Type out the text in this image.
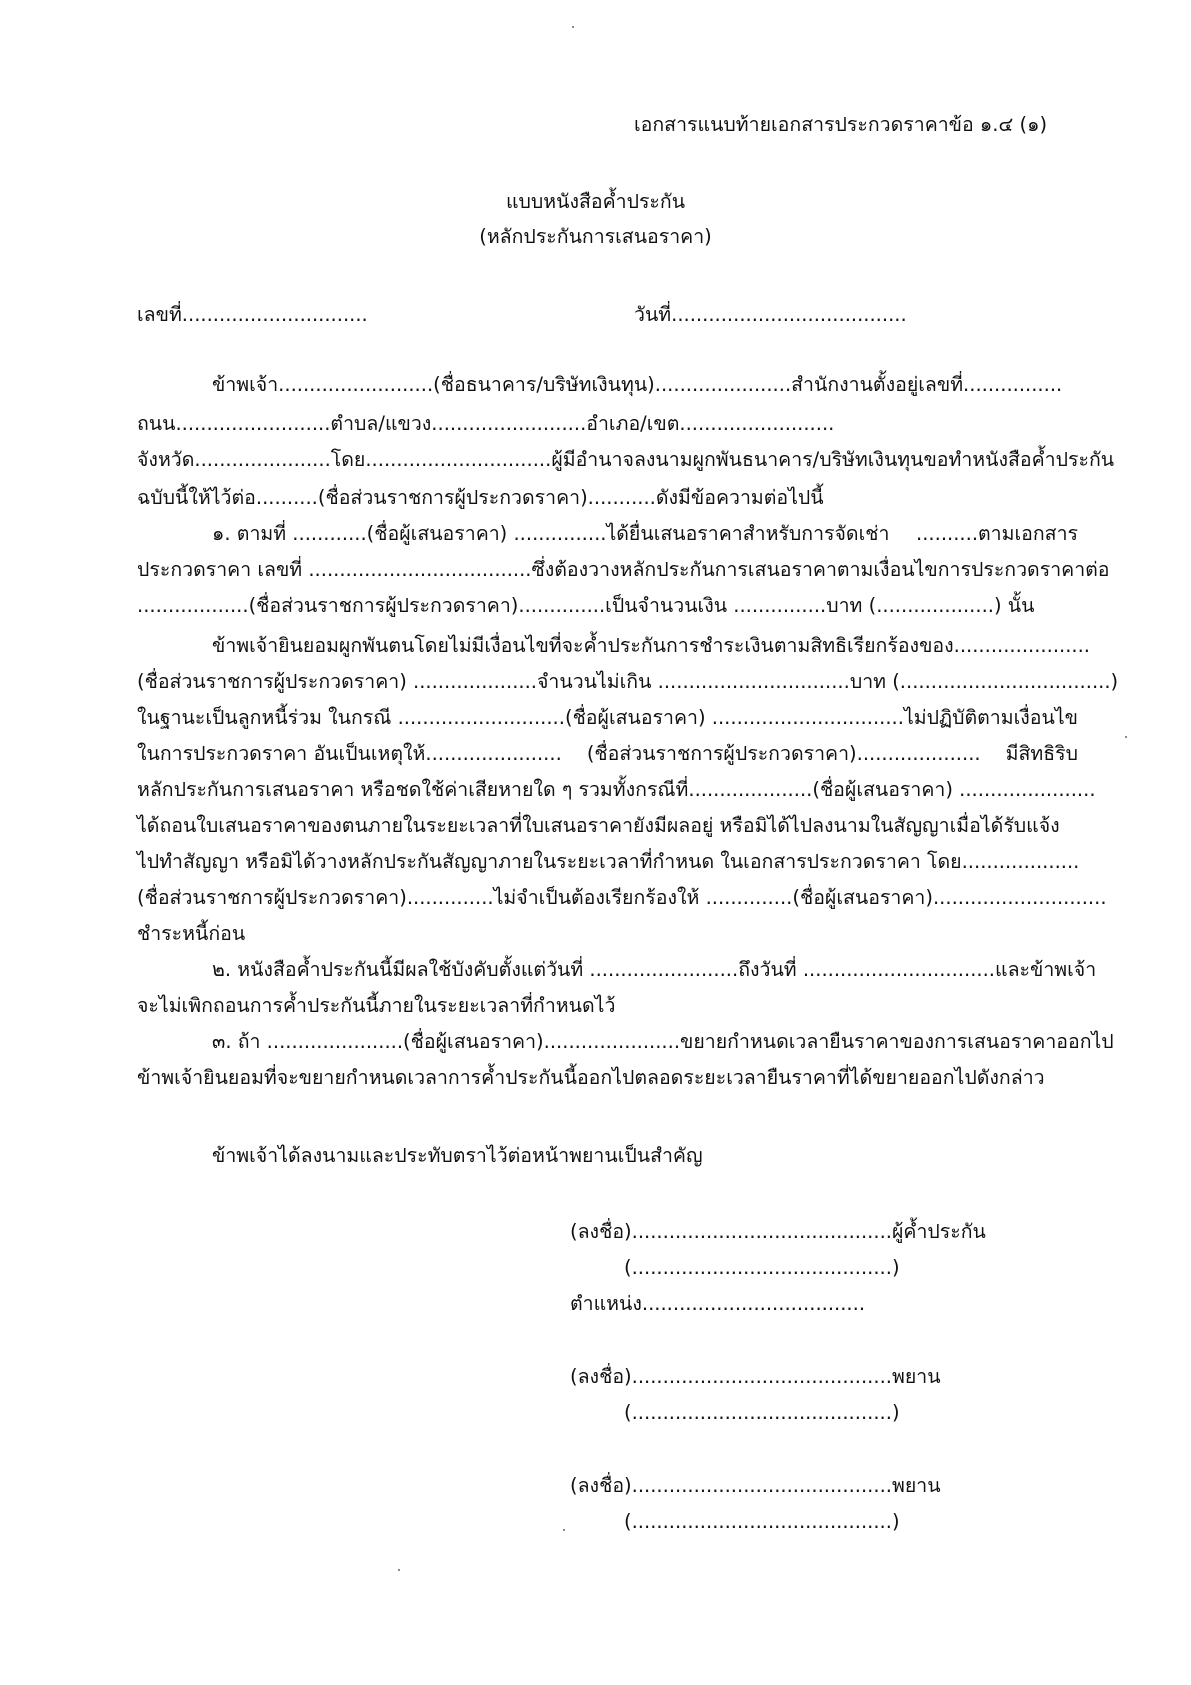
เอกสารแนบท้ายเอกสารประกวดราคาข้อ ๑.๔ (๑)
แบบหนังสือค้ำประกัน
(หลักประกันการเสนอราคา)
เลขที่..............................	วันที่......................................
ข้าพเจ้า.........................(ชื่อธนาคาร/บริษัทเงินทุน)......................สำนักงานตั้งอยู่เลขที่................
ถนน.........................ตำบล/แขวง.........................อำเภอ/เขต.........................
จังหวัด...................... โดย.............................. ผู้มีอำนาจลงนามผูกพันธนาคาร/บริษัทเงินทุนขอทำหนังสือค้ำประกัน
ฉบับนี้ให้ไว้ต่อ..........(ชื่อส่วนราชการผู้ประกวดราคา)...........ดังมีข้อความต่อไปนี้
๑. ตามที่ ............(ชื่อผู้เสนอราคา) ...............ได้ยื่นเสนอราคาสำหรับการจัดเช่า ..........ตามเอกสาร
ประกวดราคา เลขที่ .................................... ซึ่งต้องวางหลักประกันการเสนอราคาตามเงื่อนไขการประกวดราคาต่อ
..................(ชื่อส่วนราชการผู้ประกวดราคา)..............เป็นจำนวนเงิน ...............บาท (...................) นั้น
ข้าพเจ้ายินยอมผูกพันตนโดยไม่มีเงื่อนไขที่จะค้ำประกันการชำระเงินตามสิทธิเรียกร้องของ ......................
(ชื่อส่วนราชการผู้ประกวดราคา) .................... จำนวนไม่เกิน ............................... บาท (..................................)
ในฐานะเป็นลูกหนี้ร่วม ในกรณี ........................... (ชื่อผู้เสนอราคา) ............................... ไม่ปฏิบัติตามเงื่อนไข
ในการประกวดราคา อันเป็นเหตุให้...................... (ชื่อส่วนราชการผู้ประกวดราคา).................... มีสิทธิริบ
หลักประกันการเสนอราคา หรือชดใช้ค่าเสียหายใด ๆ รวมทั้งกรณีที่.................... (ชื่อผู้เสนอราคา) ......................
ได้ถอนใบเสนอราคาของตนภายในระยะเวลาที่ใบเสนอราคายังมีผลอยู่ หรือมิได้ไปลงนามในสัญญาเมื่อได้รับแจ้ง
ไปทำสัญญา หรือมิได้วางหลักประกันสัญญาภายในระยะเวลาที่กำหนด ในเอกสารประกวดราคา โดย ...................
(ชื่อส่วนราชการผู้ประกวดราคา).............. ไม่จำเป็นต้องเรียกร้องให้ .............. (ชื่อผู้เสนอราคา)............................
ชำระหนี้ก่อน
๒. หนังสือค้ำประกันนี้มีผลใช้บังคับตั้งแต่วันที่ ........................ ถึงวันที่ ............................... และข้าพเจ้า
จะไม่เพิกถอนการค้ำประกันนี้ภายในระยะเวลาที่กำหนดไว้
๓. ถ้า ......................(ชื่อผู้เสนอราคา)...................... ขยายกำหนดเวลายืนราคาของการเสนอราคาออกไป
ข้าพเจ้ายินยอมที่จะขยายกำหนดเวลาการค้ำประกันนี้ออกไปตลอดระยะเวลายืนราคาที่ได้ขยายออกไปดังกล่าว
ข้าพเจ้าได้ลงนามและประทับตราไว้ต่อหน้าพยานเป็นสำคัญ
(ลงชื่อ)..........................................ผู้ค้ำประกัน
(..........................................)
ตำแหน่ง....................................
(ลงชื่อ)..........................................พยาน
(..........................................)
(ลงชื่อ)..........................................พยาน
(..........................................)
